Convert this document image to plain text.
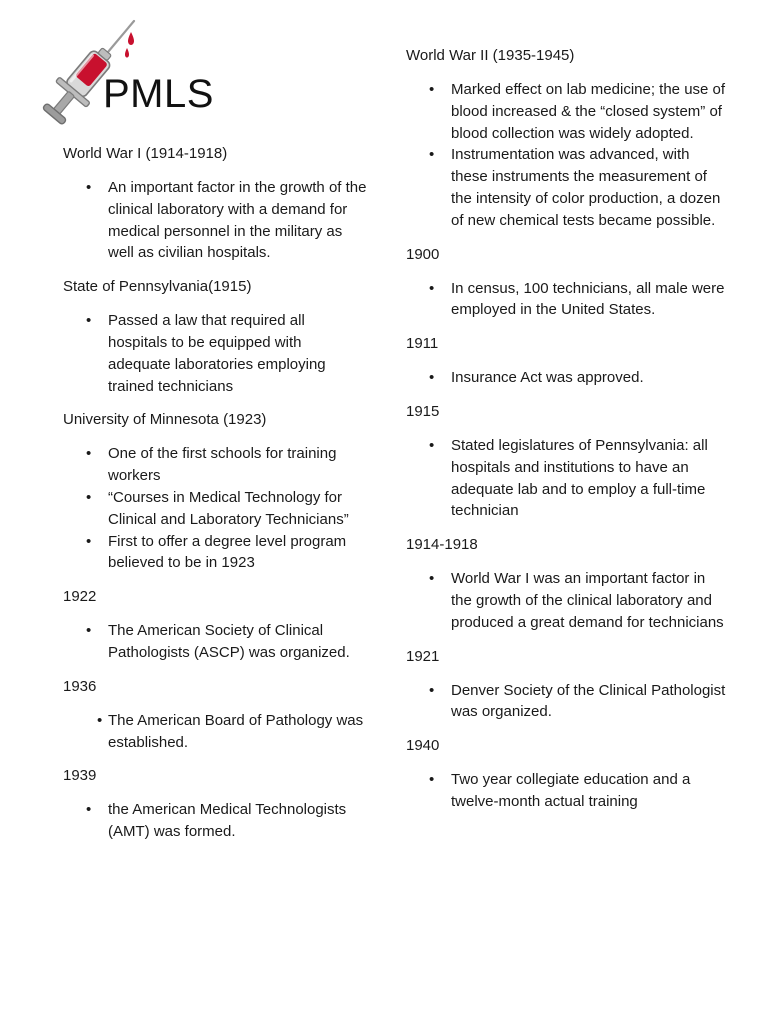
PMLS
World War I (1914-1918)
• An important factor in the growth of the clinical laboratory with a demand for medical personnel in the military as well as civilian hospitals.
State of Pennsylvania(1915)
• Passed a law that required all hospitals to be equipped with adequate laboratories employing trained technicians
University of Minnesota (1923)
• One of the first schools for training workers
• “Courses in Medical Technology for Clinical and Laboratory Technicians”
• First to offer a degree level program believed to be in 1923
1922
• The American Society of Clinical Pathologists (ASCP) was organized.
1936
• The American Board of Pathology was established.
1939
• the American Medical Technologists (AMT) was formed.
World War II (1935-1945)
• Marked effect on lab medicine; the use of blood increased & the “closed system” of blood collection was widely adopted.
• Instrumentation was advanced, with these instruments the measurement of the intensity of color production, a dozen of new chemical tests became possible.
1900
• In census, 100 technicians, all male were employed in the United States.
1911
• Insurance Act was approved.
1915
• Stated legislatures of Pennsylvania: all hospitals and institutions to have an adequate lab and to employ a full-time technician
1914-1918
• World War I was an important factor in the growth of the clinical laboratory and produced a great demand for technicians
1921
• Denver Society of the Clinical Pathologist was organized.
1940
• Two year collegiate education and a twelve-month actual training
